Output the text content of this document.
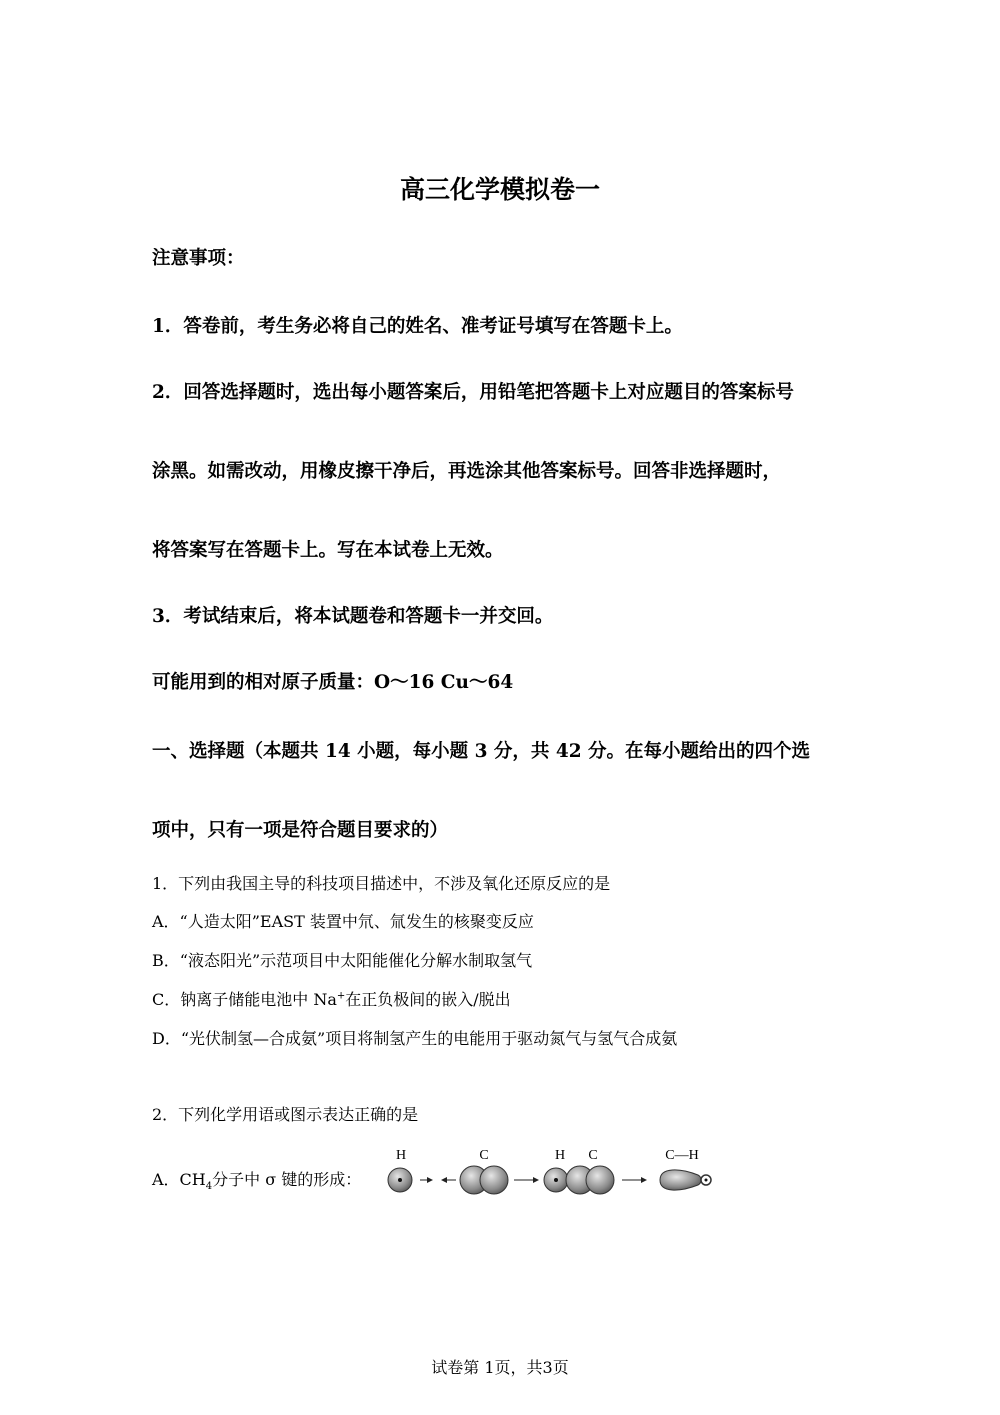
高三化学模拟卷一
注意事项：
1．答卷前，考生务必将自己的姓名、准考证号填写在答题卡上。
2．回答选择题时，选出每小题答案后，用铅笔把答题卡上对应题目的答案标号
涂黑。如需改动，用橡皮擦干净后，再选涂其他答案标号。回答非选择题时，
将答案写在答题卡上。写在本试卷上无效。
3．考试结束后，将本试题卷和答题卡一并交回。
可能用到的相对原子质量：O～16 Cu～64
一、选择题（本题共 14 小题，每小题 3 分，共 42 分。在每小题给出的四个选
项中，只有一项是符合题目要求的）
1．下列由我国主导的科技项目描述中，不涉及氧化还原反应的是
A．“人造太阳”EAST 装置中氘、氚发生的核聚变反应
B．“液态阳光”示范项目中太阳能催化分解水制取氢气
C．钠离子储能电池中 Na+在正负极间的嵌入/脱出
D．“光伏制氢—合成氨”项目将制氢产生的电能用于驱动氮气与氢气合成氨
2．下列化学用语或图示表达正确的是
A．$CH_4$分子中 σ 键的形成：
H	C	H C	C—H
试卷第 1页，共3页
